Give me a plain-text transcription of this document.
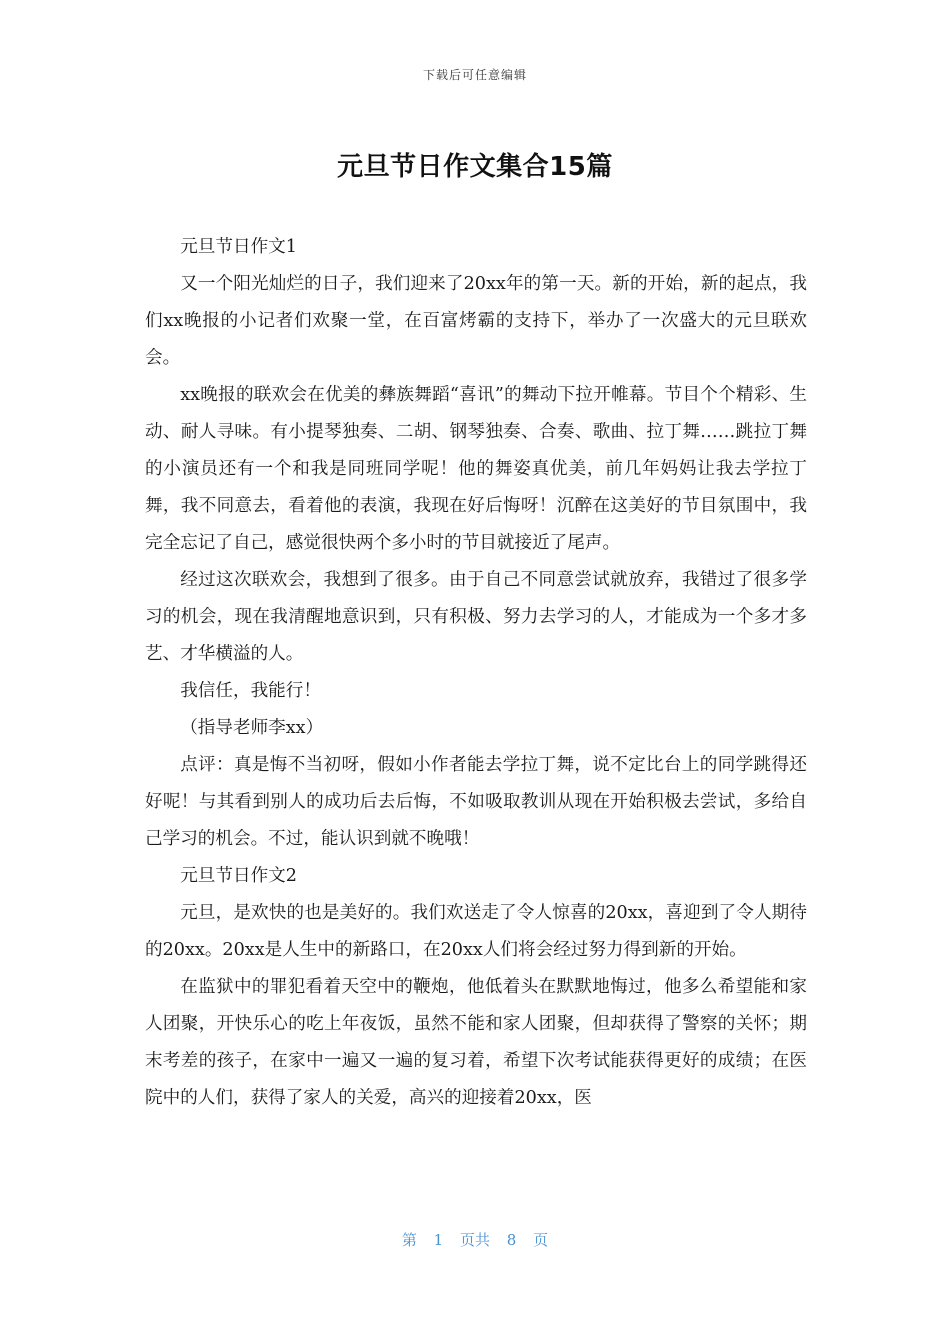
下载后可任意编辑
元旦节日作文集合15篇

元旦节日作文1

又一个阳光灿烂的日子，我们迎来了20xx年的第一天。新的开始，新的起点，我们xx晚报的小记者们欢聚一堂，在百富烤霸的支持下，举办了一次盛大的元旦联欢会。

xx晚报的联欢会在优美的彝族舞蹈“喜讯”的舞动下拉开帷幕。节目个个精彩、生动、耐人寻味。有小提琴独奏、二胡、钢琴独奏、合奏、歌曲、拉丁舞……跳拉丁舞的小演员还有一个和我是同班同学呢！他的舞姿真优美，前几年妈妈让我去学拉丁舞，我不同意去，看着他的表演，我现在好后悔呀！沉醉在这美好的节目氛围中，我完全忘记了自己，感觉很快两个多小时的节目就接近了尾声。

经过这次联欢会，我想到了很多。由于自己不同意尝试就放弃，我错过了很多学习的机会，现在我清醒地意识到，只有积极、努力去学习的人，才能成为一个多才多艺、才华横溢的人。

我信任，我能行！

（指导老师李xx）

点评：真是悔不当初呀，假如小作者能去学拉丁舞，说不定比台上的同学跳得还好呢！与其看到别人的成功后去后悔，不如吸取教训从现在开始积极去尝试，多给自己学习的机会。不过，能认识到就不晚哦！

元旦节日作文2

元旦，是欢快的也是美好的。我们欢送走了令人惊喜的20xx，喜迎到了令人期待的20xx。20xx是人生中的新路口，在20xx人们将会经过努力得到新的开始。

在监狱中的罪犯看着天空中的鞭炮，他低着头在默默地悔过，他多么希望能和家人团聚，开快乐心的吃上年夜饭，虽然不能和家人团聚，但却获得了警察的关怀；期末考差的孩子，在家中一遍又一遍的复习着，希望下次考试能获得更好的成绩；在医院中的人们，获得了家人的关爱，高兴的迎接着20xx，医

第 1 页共 8 页
